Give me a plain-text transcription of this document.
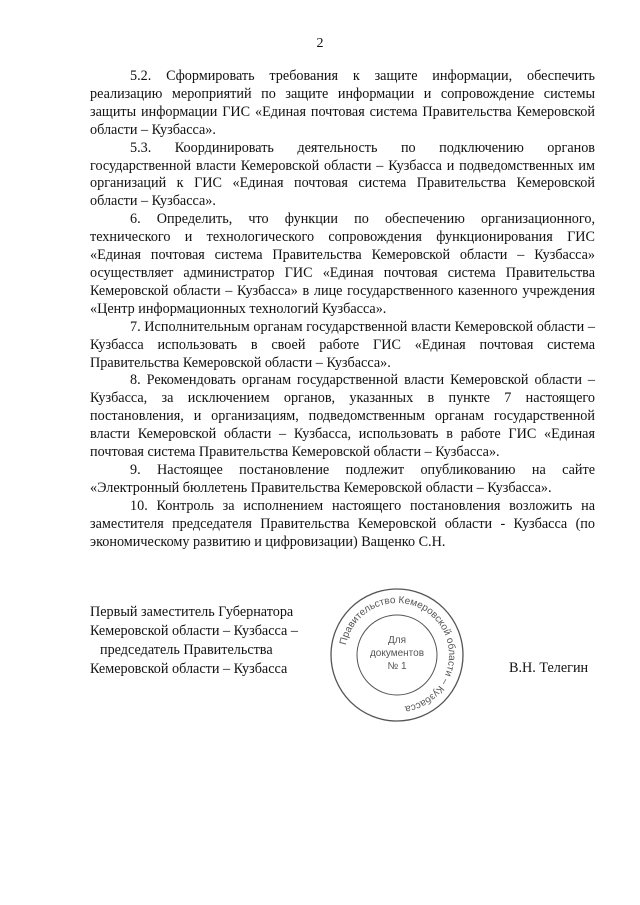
2

5.2. Сформировать требования к защите информации, обеспечить реализацию мероприятий по защите информации и сопровождение системы защиты информации ГИС «Единая почтовая система Правительства Кемеровской области – Кузбасса».

5.3. Координировать деятельность по подключению органов государственной власти Кемеровской области – Кузбасса и подведомственных им организаций к ГИС «Единая почтовая система Правительства Кемеровской области – Кузбасса».

6. Определить, что функции по обеспечению организационного, технического и технологического сопровождения функционирования ГИС «Единая почтовая система Правительства Кемеровской области – Кузбасса» осуществляет администратор ГИС «Единая почтовая система Правительства Кемеровской области – Кузбасса» в лице государственного казенного учреждения «Центр информационных технологий Кузбасса».

7. Исполнительным органам государственной власти Кемеровской области – Кузбасса использовать в своей работе ГИС «Единая почтовая система Правительства Кемеровской области – Кузбасса».

8. Рекомендовать органам государственной власти Кемеровской области – Кузбасса, за исключением органов, указанных в пункте 7 настоящего постановления, и организациям, подведомственным органам государственной власти Кемеровской области – Кузбасса, использовать в работе ГИС «Единая почтовая система Правительства Кемеровской области – Кузбасса».

9. Настоящее постановление подлежит опубликованию на сайте «Электронный бюллетень Правительства Кемеровской области – Кузбасса».

10. Контроль за исполнением настоящего постановления возложить на заместителя председателя Правительства Кемеровской области - Кузбасса (по экономическому развитию и цифровизации) Ващенко С.Н.

Первый заместитель Губернатора
Кемеровской области – Кузбасса –
председатель Правительства
Кемеровской области – Кузбасса	В.Н. Телегин
Правительство Кемеровской области – Кузбасса
Для
документов
№ 1
